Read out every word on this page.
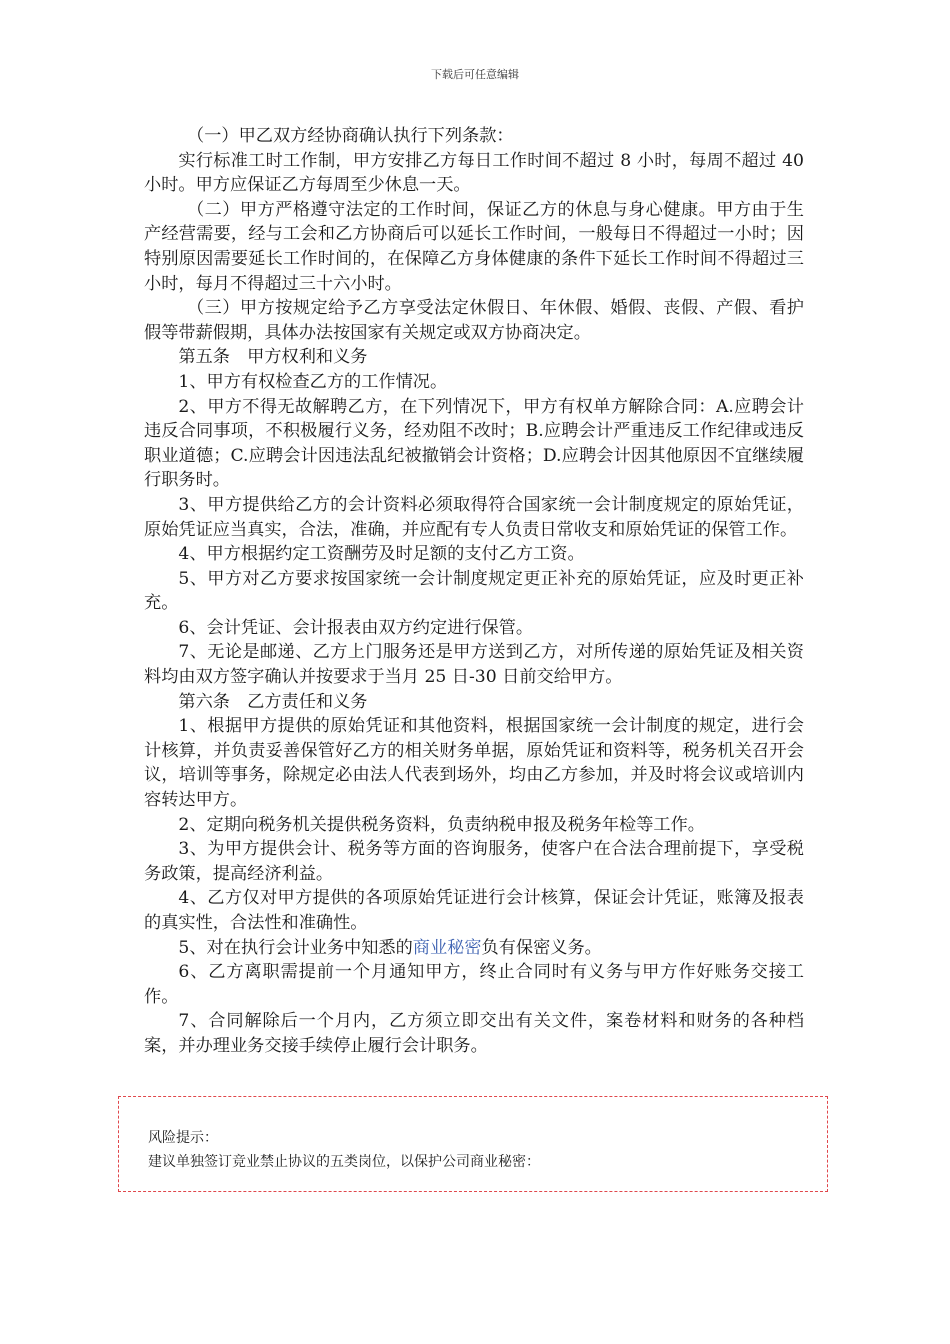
下载后可任意编辑

（一）甲乙双方经协商确认执行下列条款：

实行标准工时工作制，甲方安排乙方每日工作时间不超过 8 小时，每周不超过 40 小时。甲方应保证乙方每周至少休息一天。

（二）甲方严格遵守法定的工作时间，保证乙方的休息与身心健康。甲方由于生产经营需要，经与工会和乙方协商后可以延长工作时间，一般每日不得超过一小时；因特别原因需要延长工作时间的，在保障乙方身体健康的条件下延长工作时间不得超过三小时，每月不得超过三十六小时。

（三）甲方按规定给予乙方享受法定休假日、年休假、婚假、丧假、产假、看护假等带薪假期，具体办法按国家有关规定或双方协商决定。

第五条　甲方权利和义务

1、甲方有权检查乙方的工作情况。

2、甲方不得无故解聘乙方，在下列情况下，甲方有权单方解除合同：A.应聘会计违反合同事项，不积极履行义务，经劝阻不改时；B.应聘会计严重违反工作纪律或违反职业道德；C.应聘会计因违法乱纪被撤销会计资格；D.应聘会计因其他原因不宜继续履行职务时。

3、甲方提供给乙方的会计资料必须取得符合国家统一会计制度规定的原始凭证，原始凭证应当真实，合法，准确，并应配有专人负责日常收支和原始凭证的保管工作。

4、甲方根据约定工资酬劳及时足额的支付乙方工资。

5、甲方对乙方要求按国家统一会计制度规定更正补充的原始凭证，应及时更正补充。

6、会计凭证、会计报表由双方约定进行保管。

7、无论是邮递、乙方上门服务还是甲方送到乙方，对所传递的原始凭证及相关资料均由双方签字确认并按要求于当月 25 日-30 日前交给甲方。

第六条　乙方责任和义务

1、根据甲方提供的原始凭证和其他资料，根据国家统一会计制度的规定，进行会计核算，并负责妥善保管好乙方的相关财务单据，原始凭证和资料等，税务机关召开会议，培训等事务，除规定必由法人代表到场外，均由乙方参加，并及时将会议或培训内容转达甲方。

2、定期向税务机关提供税务资料，负责纳税申报及税务年检等工作。

3、为甲方提供会计、税务等方面的咨询服务，使客户在合法合理前提下，享受税务政策，提高经济利益。

4、乙方仅对甲方提供的各项原始凭证进行会计核算，保证会计凭证，账簿及报表的真实性，合法性和准确性。

5、对在执行会计业务中知悉的商业秘密负有保密义务。

6、乙方离职需提前一个月通知甲方，终止合同时有义务与甲方作好账务交接工作。

7、合同解除后一个月内，乙方须立即交出有关文件，案卷材料和财务的各种档案，并办理业务交接手续停止履行会计职务。

风险提示：
建议单独签订竞业禁止协议的五类岗位，以保护公司商业秘密：
